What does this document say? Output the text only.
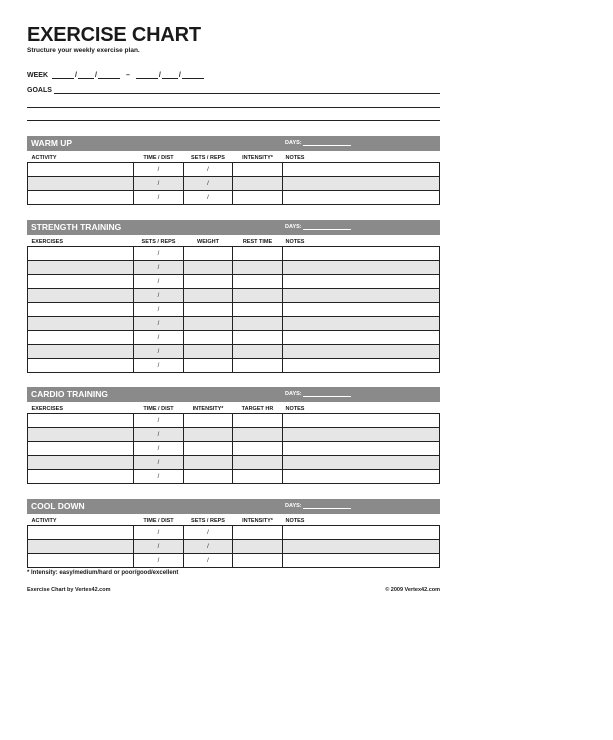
EXERCISE CHART
Structure your weekly exercise plan.
WEEK	/	/	–	/	/
GOALS
WARM UP	DAYS:
ACTIVITY	TIME / DIST	SETS / REPS	INTENSITY*	NOTES
	/	/		
	/	/		
	/	/		
STRENGTH TRAINING	DAYS:
EXERCISES	SETS / REPS	WEIGHT	REST TIME	NOTES
	/			
	/			
	/			
	/			
	/			
	/			
	/			
	/			
	/			
CARDIO TRAINING	DAYS:
EXERCISES	TIME / DIST	INTENSITY*	TARGET HR	NOTES
	/			
	/			
	/			
	/			
	/			
COOL DOWN	DAYS:
ACTIVITY	TIME / DIST	SETS / REPS	INTENSITY*	NOTES
	/	/		
	/	/		
	/	/		
* Intensity: easy/medium/hard or poor/good/excellent
Exercise Chart by Vertex42.com	© 2009 Vertex42.com
